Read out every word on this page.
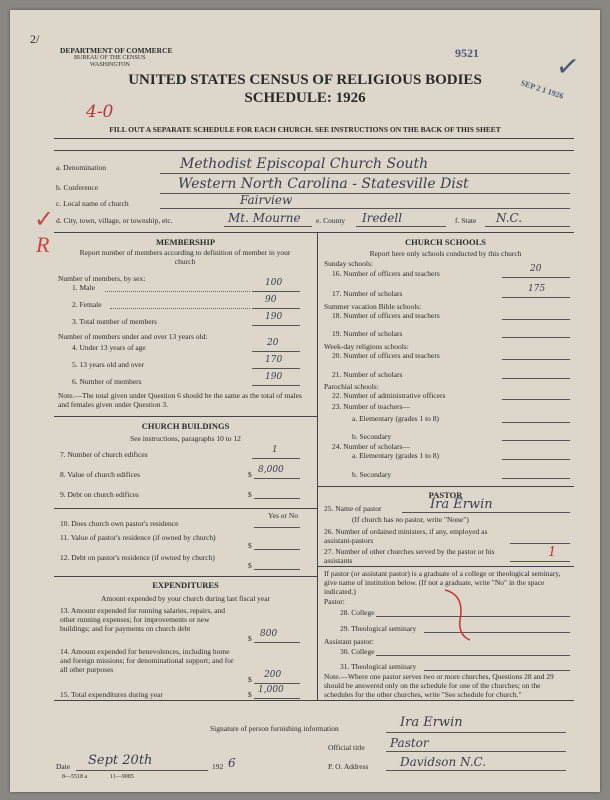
2/
DEPARTMENT OF COMMERCE
BUREAU OF THE CENSUS
WASHINGTON
9521
SEP 2 1 1926
✓
UNITED STATES CENSUS OF RELIGIOUS BODIES
SCHEDULE: 1926
4-0
FILL OUT A SEPARATE SCHEDULE FOR EACH CHURCH. SEE INSTRUCTIONS ON THE BACK OF THIS SHEET
a. Denomination	Methodist Episcopal Church South
b. Conference	Western North Carolina - Statesville Dist
c. Local name of church	Fairview
d. City, town, village, or township, etc.	Mt. Mourne e. County Iredell	f. State N.C.
✓
R	MEMBERSHIP
Report number of members according to definition of member in your church
Number of members, by sex:
1. Male	100
2. Female	90
3. Total number of members	190
Number of members under and over 13 years old:
4. Under 13 years of age	20
5. 13 years old and over	170
6. Number of members	190
Note.—The total given under Question 6 should be the same as the total of males and females given under Question 3.
CHURCH BUILDINGS
See instructions, paragraphs 10 to 12
7. Number of church edifices	1
8. Value of church edifices	$ 8,000
9. Debt on church edifices	$
Yes or No
10. Does church own pastor's residence
11. Value of pastor's residence (if owned by church)
$
12. Debt on pastor's residence (if owned by church)
$
EXPENDITURES
Amount expended by your church during last fiscal year
13. Amount expended for running salaries, repairs, and other running expenses; for improvements or new buildings; and for payments on church debt
$ 800
14. Amount expended for benevolences, including home and foreign missions; for denominational support; and for all other purposes
$ 200
15. Total expenditures during year	$ 1,000
CHURCH SCHOOLS
Report here only schools conducted by this church
Sunday schools:
16. Number of officers and teachers	20
17. Number of scholars	175
Summer vacation Bible schools:
18. Number of officers and teachers
19. Number of scholars
Week-day religious schools:
20. Number of officers and teachers
21. Number of scholars
Parochial schools:
22. Number of administrative officers
23. Number of teachers—
a. Elementary (grades 1 to 8)
b. Secondary
24. Number of scholars—
a. Elementary (grades 1 to 8)
b. Secondary
PASTOR
25. Name of pastor	Ira Erwin
(If church has no pastor, write "None")
26. Number of ordained ministers, if any, employed as assistant-pastors
27. Number of other churches served by the pastor or his assistants
1
If pastor (or assistant pastor) is a graduate of a college or theological seminary, give name of institution below. (If not a graduate, write "No" in the space indicated.)
Pastor:
28. College
29. Theological seminary
Assistant pastor:
30. College
31. Theological seminary
Note.—Where one pastor serves two or more churches, Questions 28 and 29 should be answered only on the schedule for one of the churches; on the schedules for the other churches, write "See schedule for church."
Signature of person furnishing information	Ira Erwin
Official title Pastor
Date Sept 20th	192 6	P. O. Address	Davidson N.C.
8—5518 a	11—9085
